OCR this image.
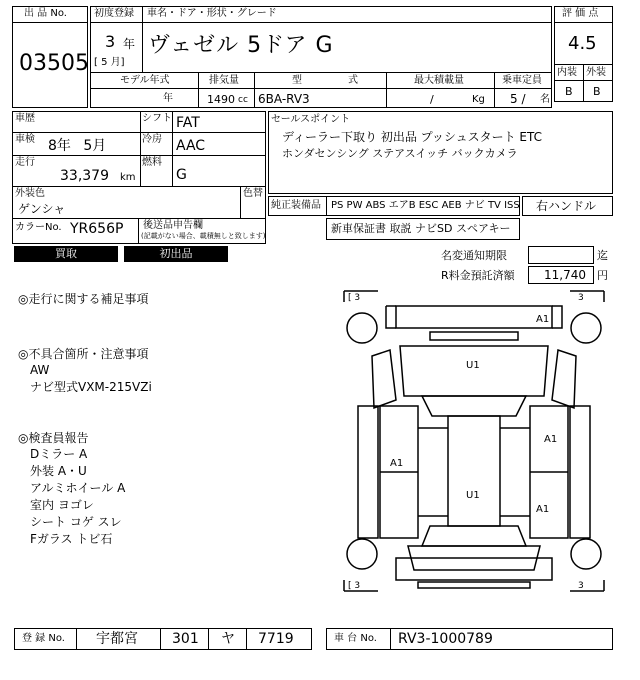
出 品 No.
03505
初度登録
3 年
[ 5 月]
車名・ドア・形状・グレード
ヴェゼル 5ドア G
モデル年式
年
排気量
1490 cc
型	式
6BA-RV3
最大積載量
/	Kg
乗車定員
5 / 名
評 価 点
4.5
内装 外装
B B
車歴	シフト FAT
車検 8年 5月	冷房 AAC
走行
33,379 km
燃料
G
外装色
ゲンシャ
色替
カラーNo. YR656P 後送品申告欄
(記載がない場合、載積無しと致します)
セールスポイント
ディーラー下取り 初出品 プッシュスタート ETC
ホンダセンシング ステアスイッチ バックカメラ
純正装備品 PS PW ABS エアB ESC AEB ナビ TV ISS 右ハンドル
新車保証書 取説 ナビSD スペアキー
買取	初出品	名変通知期限	迄
R料金預託済額 11,740 円
◎走行に関する補足事項
◎不具合箇所・注意事項
AW
ナビ型式VXM-215VZi
◎検査員報告
Dミラー A
外装 A・U
アルミホイール A
室内 ヨゴレ
シート コゲ スレ
Fガラス トビ石
[ 3	3
[ 3	3
A1
U1
A1
A1
U1
A1
登 録 No. 宇都宮 301 ヤ 7719	車 台 No. RV3-1000789
